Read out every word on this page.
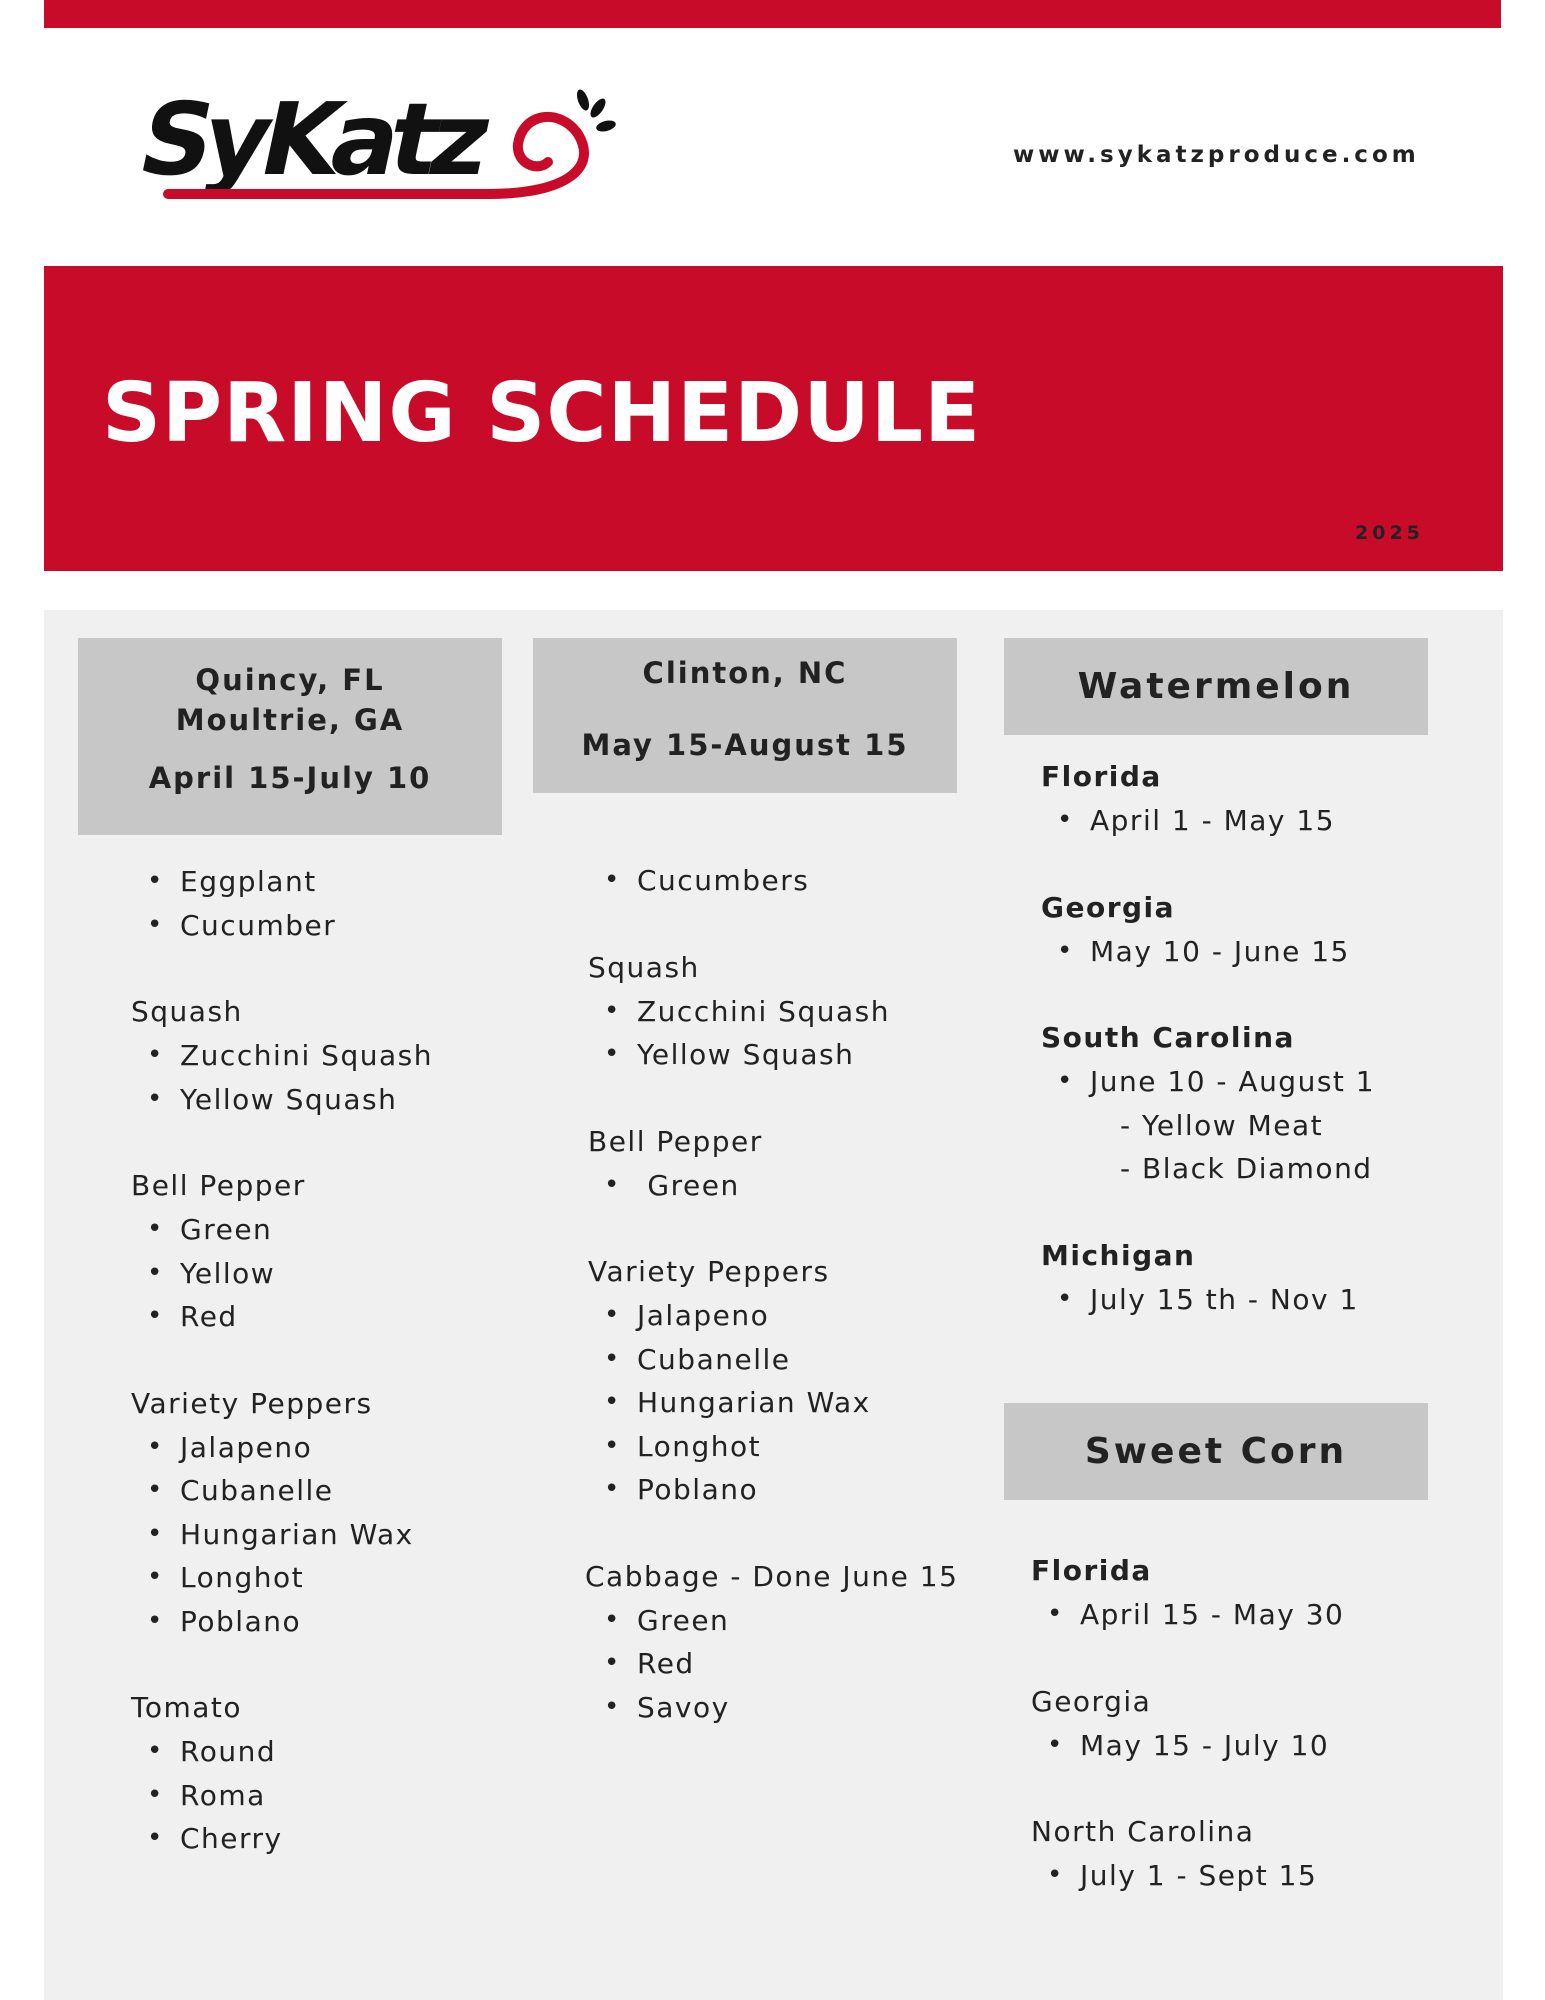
SyKatz	www.sykatzproduce.com
SPRING SCHEDULE
2025
Quincy, FL
Moultrie, GA
April 15-July 10
• Eggplant
• Cucumber

Squash

• Zucchini Squash
• Yellow Squash

Bell Pepper

• Green
• Yellow
• Red

Variety Peppers

• Jalapeno
• Cubanelle
• Hungarian Wax
• Longhot
• Poblano

Tomato

• Round
• Roma
• Cherry
Clinton, NC
May 15-August 15
• Cucumbers

Squash

• Zucchini Squash
• Yellow Squash

Bell Pepper

•  Green

Variety Peppers

• Jalapeno
• Cubanelle
• Hungarian Wax
• Longhot
• Poblano

Cabbage - Done June 15

• Green
• Red
• Savoy
Watermelon

Florida

• April 1 - May 15

Georgia

• May 10 - June 15

South Carolina

• June 10 - August 1
- Yellow Meat
- Black Diamond

Michigan

• July 15 th - Nov 1
Sweet Corn

Florida

• April 15 - May 30

Georgia

• May 15 - July 10

North Carolina

• July 1 - Sept 15
